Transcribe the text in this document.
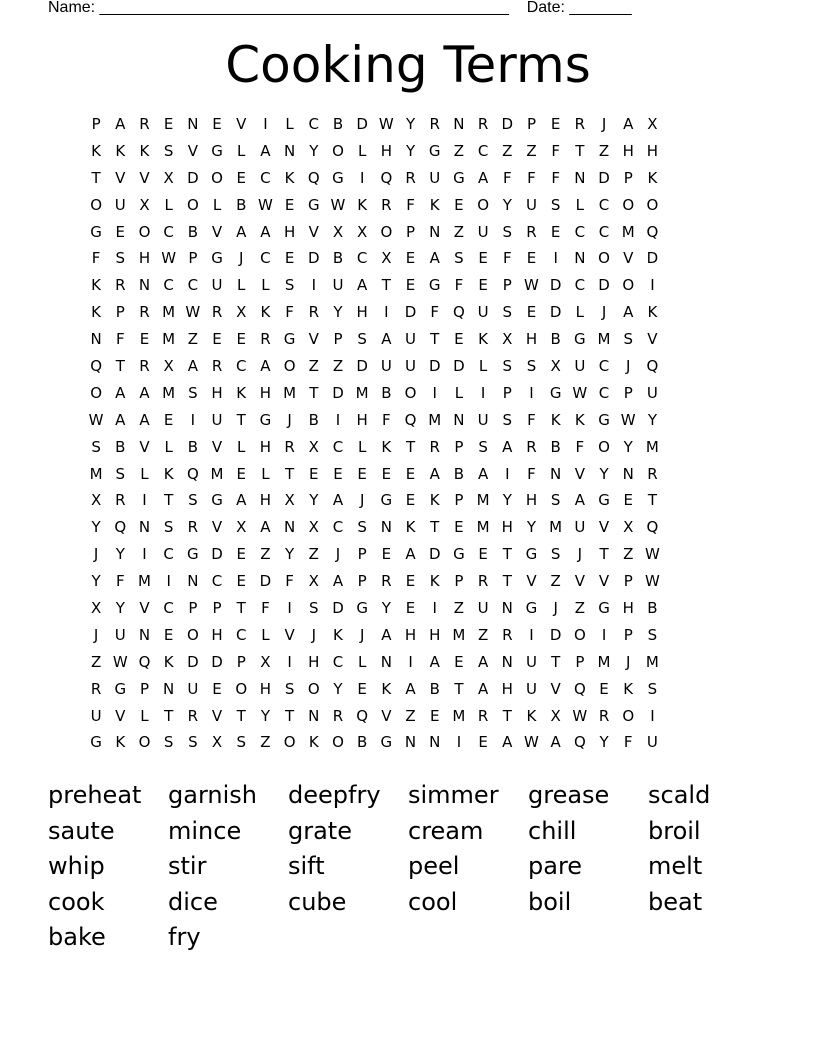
Name: ______________________________________________ Date: _______
Cooking Terms
P A R E N E V	I	L C B D W Y R N R D P E R	J	A X
K K K S V G L A N Y O L H Y G Z C Z Z F	T Z H H
T V V X D O E C K Q G	I	Q R U G A F	F	F N D P K
O U X L O L B W E G W K R F K E O Y U S	L C O O
G E O C B V A A H V X X O P N Z U S R E C C M Q
F	S H W P G	J	C E D B C X E A S E	F	E	I	N O V D
K R N C C U L	L	S	I	U A T E G F	E P W D C D O	I
K P R M W R X K F R Y H	I	D F Q U S E D L	J	A K
N F	E M Z E E R G V P S A U T E K X H B G M S V
Q T R X A R C A O Z Z D U U D D L	S S X U C	J	Q
O A A M S H K H M T D M B O	I	L	I	P	I	G W C P U
W A A E	I	U T G	J	B	I	H F Q M N U S	F K K G W Y
S B V L B V L H R X C L	K T R P S A R B F O Y M
M S	L	K Q M E	L	T E E E E E A B A	I	F N V Y N R
X R	I	T S G A H X Y A	J	G E K P M Y H S A G E T
Y Q N S R V X A N X C S N K T E M H Y M U V X Q
J	Y	I	C G D E Z Y Z	J	P E A D G E T G S	J	T Z W
Y	F M	I	N C E D F X A P R E K P R T V Z V V P W
X Y V C P	P	T	F	I	S D G Y E	I	Z U N G	J	Z G H B
J	U N E O H C L V	J	K	J	A H H M Z R	I	D O	I	P S
Z W Q K D D P X	I	H C L N	I	A E A N U T	P M	J	M
R G P N U E O H S O Y E K A B T A H U V Q E K S
U V L	T R V T	Y	T N R Q V Z E M R T K X W R O	I
G K O S S X S Z O K O B G N N	I	E A W A Q Y	F U
preheat	garnish	deepfry	simmer	grease	scald
saute	mince	grate	cream	chill	broil
whip	stir	sift	peel	pare	melt
cook	dice	cube	cool	boil	beat
bake	fry
